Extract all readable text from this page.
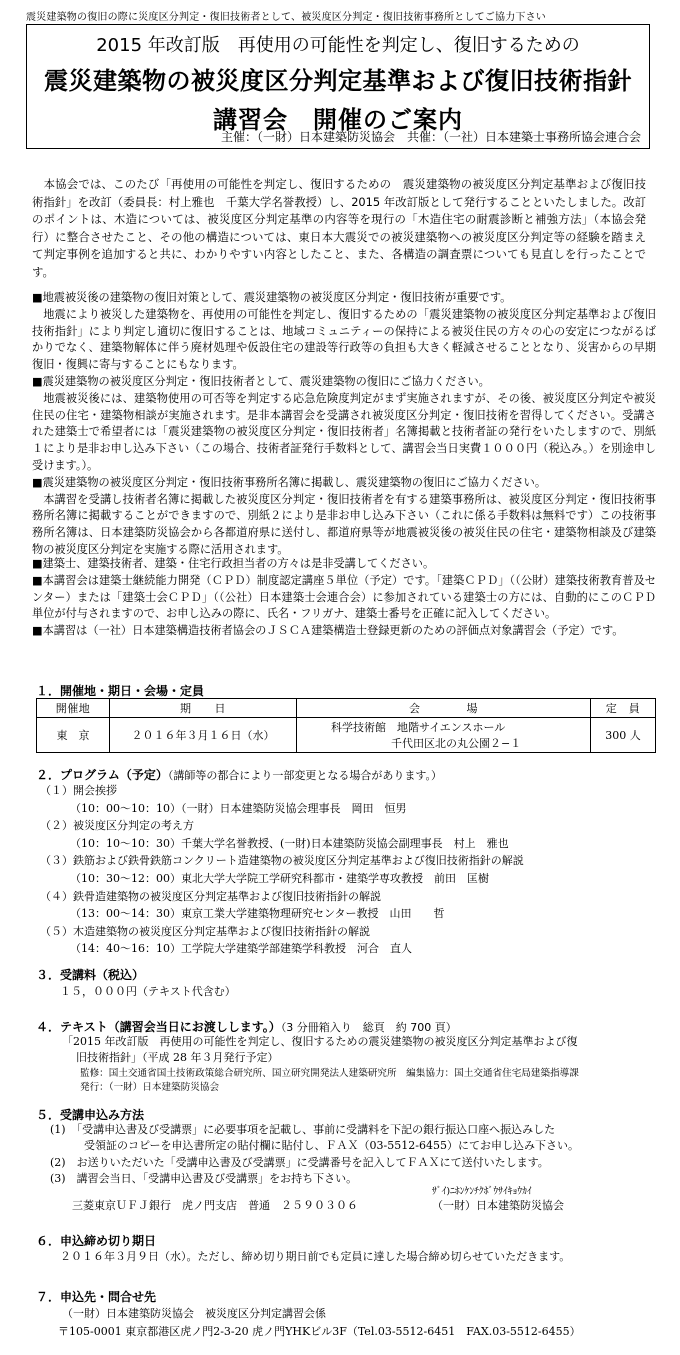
震災建築物の復旧の際に災度区分判定・復旧技術者として、被災度区分判定・復旧技術事務所としてご協力下さい
2015 年改訂版　再使用の可能性を判定し、復旧するための
震災建築物の被災度区分判定基準および復旧技術指針
講習会　開催のご案内
主催：（一財）日本建築防災協会　共催：（一社）日本建築士事務所協会連合会
　本協会では、このたび「再使用の可能性を判定し、復旧するための　震災建築物の被災度区分判定基準および復旧技術指針」を改訂（委員長：村上雅也　千葉大学名誉教授）し、2015 年改訂版として発行することといたしました。改訂のポイントは、木造については、被災度区分判定基準の内容等を現行の「木造住宅の耐震診断と補強方法」（本協会発行）に整合させたこと、その他の構造については、東日本大震災での被災建築物への被災度区分判定等の経験を踏まえて判定事例を追加すると共に、わかりやすい内容としたこと、また、各構造の調査票についても見直しを行ったことです。

■地震被災後の建築物の復旧対策として、震災建築物の被災度区分判定・復旧技術が重要です。

地震により被災した建築物を、再使用の可能性を判定し、復旧するための「震災建築物の被災度区分判定基準および復旧技術指針」により判定し適切に復旧することは、地域コミュニティーの保持による被災住民の方々の心の安定につながるばかりでなく、建築物解体に伴う廃材処理や仮設住宅の建設等行政等の負担も大きく軽減させることとなり、災害からの早期復旧・復興に寄与することにもなります。

■震災建築物の被災度区分判定・復旧技術者として、震災建築物の復旧にご協力ください。

地震被災後には、建築物使用の可否等を判定する応急危険度判定がまず実施されますが、その後、被災度区分判定や被災住民の住宅・建築物相談が実施されます。是非本講習会を受講され被災度区分判定・復旧技術を習得してください。受講された建築士で希望者には「震災建築物の被災度区分判定・復旧技術者」名簿掲載と技術者証の発行をいたしますので、別紙１により是非お申し込み下さい（この場合、技術者証発行手数料として、講習会当日実費１０００円（税込み。）を別途申し受けます。）。

■震災建築物の被災度区分判定・復旧技術事務所名簿に掲載し、震災建築物の復旧にご協力ください。

本講習を受講し技術者名簿に掲載した被災度区分判定・復旧技術者を有する建築事務所は、被災度区分判定・復旧技術事務所名簿に掲載することができますので、別紙２により是非お申し込み下さい（これに係る手数料は無料です）この技術事務所名簿は、日本建築防災協会から各都道府県に送付し、都道府県等が地震被災後の被災住民の住宅・建築物相談及び建築物の被災度区分判定を実施する際に活用されます。

■建築士、建築技術者、建築・住宅行政担当者の方々は是非受講してください。

■本講習会は建築士継続能力開発（ＣＰＤ）制度認定講座５単位（予定）です。「建築ＣＰＤ」（（公財）建築技術教育普及センター）または「建築士会ＣＰＤ」（（公社）日本建築士会連合会）に参加されている建築士の方には、自動的にこのＣＰＤ単位が付与されますので、お申し込みの際に、氏名・フリガナ、建築士番号を正確に記入してください。

■本講習は（一社）日本建築構造技術者協会のＪＳＣＡ建築構造士登録更新のための評価点対象講習会（予定）です。

１．開催地・期日・会場・定員
開催地	期　　日	会　　　　場	定　員
東　京	２０１６年３月１６日（水）	科学技術館　地階サイエンスホール
千代田区北の丸公園２−１	300 人
２．プログラム（予定）（講師等の都合により一部変更となる場合があります。）

（１）開会挨拶

（10：00〜10：10）（一財）日本建築防災協会理事長　岡田　恒男

（２）被災度区分判定の考え方

（10：10〜10：30）千葉大学名誉教授、(一財)日本建築防災協会副理事長　村上　雅也

（３）鉄筋および鉄骨鉄筋コンクリート造建築物の被災度区分判定基準および復旧技術指針の解説

（10：30〜12：00）東北大学大学院工学研究科都市・建築学専攻教授　前田　匡樹

（４）鉄骨造建築物の被災度区分判定基準および復旧技術指針の解説

（13：00〜14：30）東京工業大学建築物理研究センター教授　山田　　哲

（５）木造建築物の被災度区分判定基準および復旧技術指針の解説

（14：40〜16：10）工学院大学建築学部建築学科教授　河合　直人

３．受講料（税込）
１５，０００円（テキスト代含む）
４．テキスト（講習会当日にお渡しします。）（3 分冊箱入り　総頁　約 700 頁）
「2015 年改訂版　再使用の可能性を判定し、復旧するための震災建築物の被災度区分判定基準および復
旧技術指針」（平成 28 年３月発行予定）
監修：国土交通省国土技術政策総合研究所、国立研究開発法人建築研究所　編集協力：国土交通省住宅局建築指導課
発行：（一財）日本建築防災協会
５．受講申込み方法
(1)　「受講申込書及び受講票」に必要事項を記載し、事前に受講料を下記の銀行振込口座へ振込みした
受領証のコピーを申込書所定の貼付欄に貼付し、ＦＡＸ（03-5512-6455）にてお申し込み下さい。
(2)　お送りいただいた「受講申込書及び受講票」に受講番号を記入してＦＡＸにて送付いたします。
(3)　講習会当日、「受講申込書及び受講票」をお持ち下さい。
ｻﾞｲ)ﾆﾎﾝｹﾝﾁｸﾎﾞｳｻｲｷｮｳｶｲ
三菱東京ＵＦＪ銀行　虎ノ門支店　普通　２５９０３０６	（一財）日本建築防災協会
６．申込締め切り期日
２０１６年３月９日（水）。ただし、締め切り期日前でも定員に達した場合締め切らせていただきます。
７．申込先・問合せ先
（一財）日本建築防災協会　被災度区分判定講習会係
〒105-0001 東京都港区虎ノ門2-3-20 虎ノ門YHKビル3F（Tel.03-5512-6451　FAX.03-5512-6455）
